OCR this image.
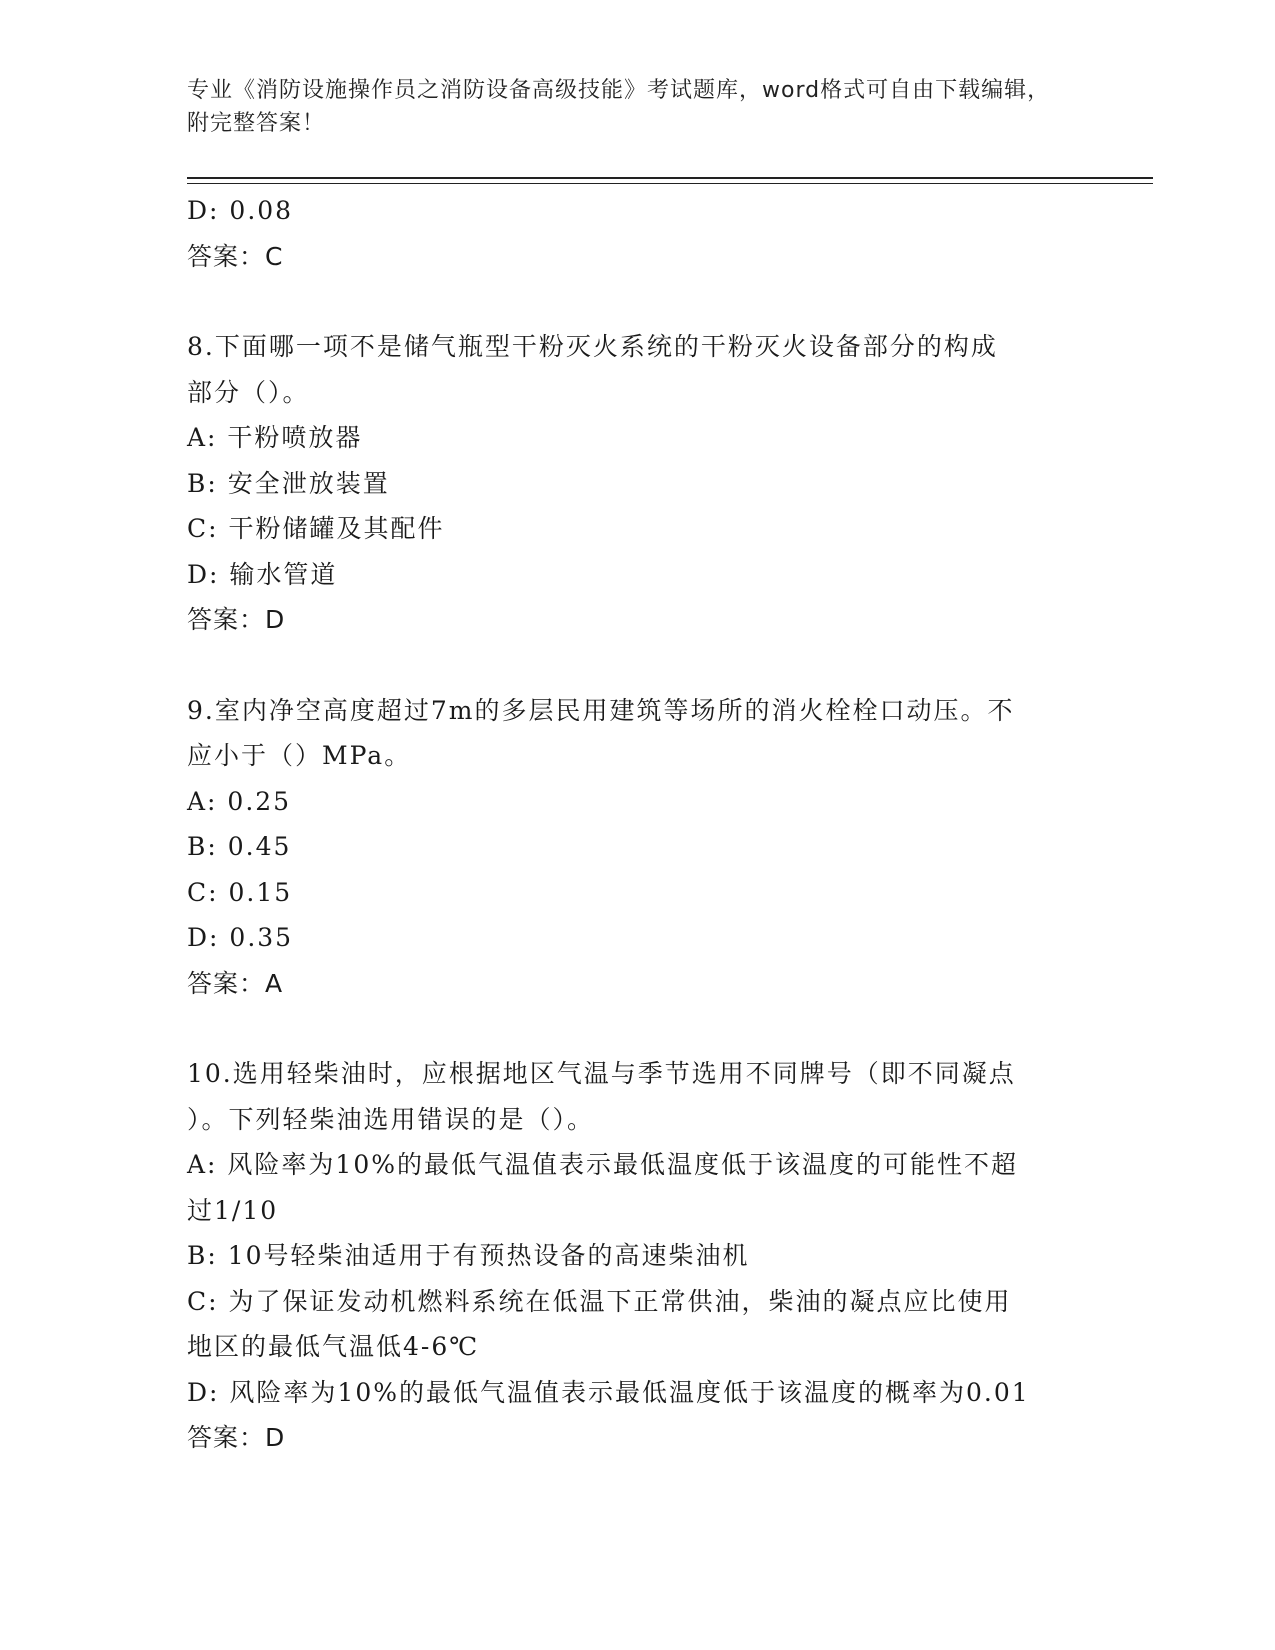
专业《消防设施操作员之消防设备高级技能》考试题库，word格式可自由下载编辑，附完整答案！
D: 0.08
答案：C
8.下面哪一项不是储气瓶型干粉灭火系统的干粉灭火设备部分的构成
部分（）。
A: 干粉喷放器
B: 安全泄放装置
C: 干粉储罐及其配件
D: 输水管道
答案：D
9.室内净空高度超过7m的多层民用建筑等场所的消火栓栓口动压。不
应小于（）MPa。
A: 0.25
B: 0.45
C: 0.15
D: 0.35
答案：A
10.选用轻柴油时，应根据地区气温与季节选用不同牌号（即不同凝点
）。下列轻柴油选用错误的是（）。
A: 风险率为10%的最低气温值表示最低温度低于该温度的可能性不超
过1/10
B: 10号轻柴油适用于有预热设备的高速柴油机
C: 为了保证发动机燃料系统在低温下正常供油，柴油的凝点应比使用
地区的最低气温低4-6℃
D: 风险率为10%的最低气温值表示最低温度低于该温度的概率为0.01
答案：D
